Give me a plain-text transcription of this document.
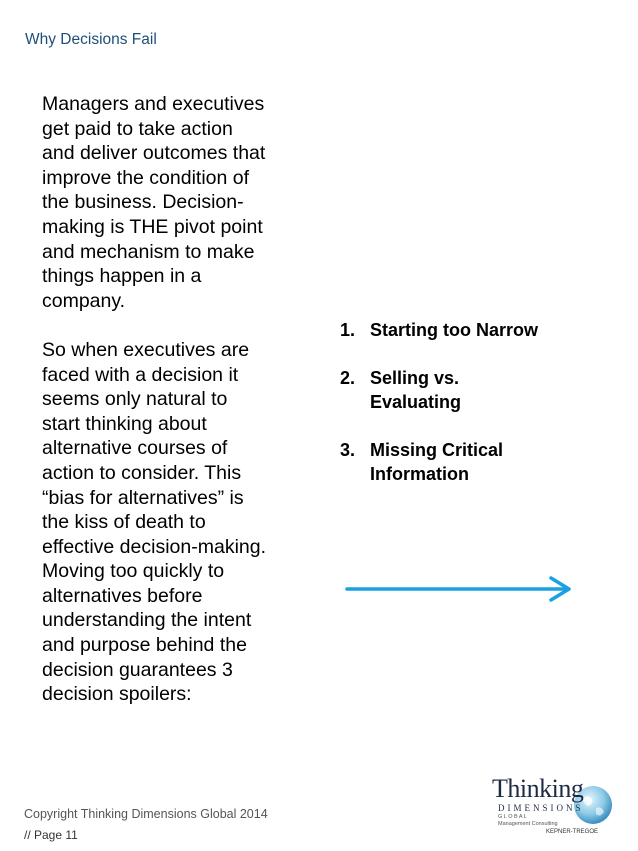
Why Decisions Fail

Managers and executives
get paid to take action
and deliver outcomes that
improve the condition of
the business. Decision-
making is THE pivot point
and mechanism to make
things happen in a
company.

So when executives are
faced with a decision it
seems only natural to
start thinking about
alternative courses of
action to consider. This
“bias for alternatives” is
the kiss of death to
effective decision-making.
Moving too quickly to
alternatives before
understanding the intent
and purpose behind the
decision guarantees 3
decision spoilers:

1. Starting too Narrow
2. Selling vs.
Evaluating
3. Missing Critical
Information
Thinking
DIMENSIONS
G L O B A L
Management Consulting
KEPNER-TREGOE
Copyright Thinking Dimensions Global 2014
// Page 11
